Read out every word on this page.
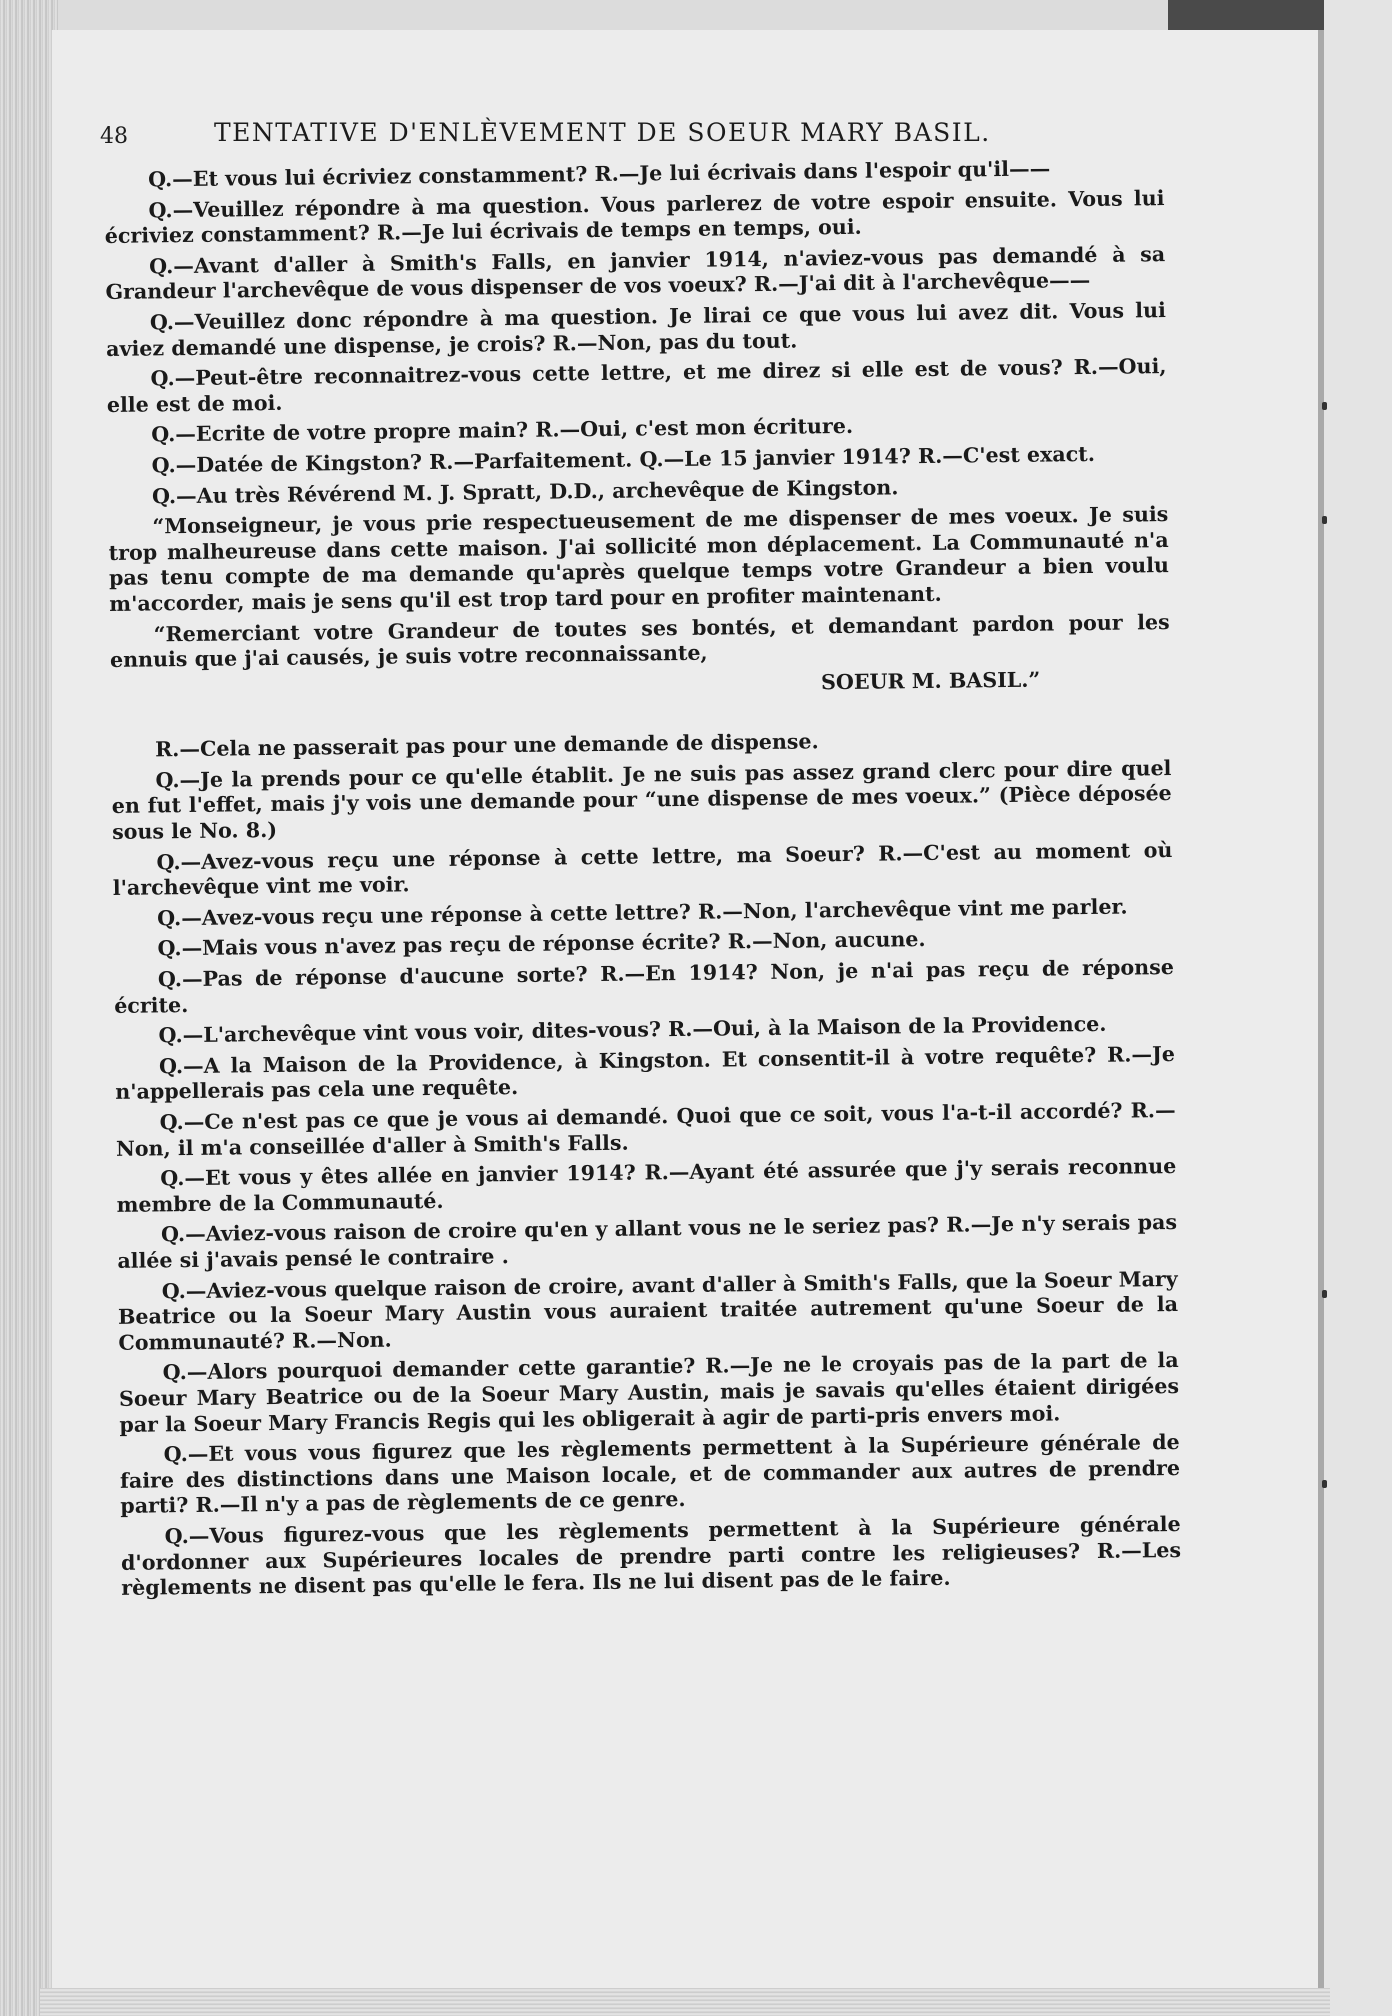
48	TENTATIVE D'ENLÈVEMENT DE SOEUR MARY BASIL.

Q.—Et vous lui écriviez constamment? R.—Je lui écrivais dans l'espoir qu'il——

Q.—Veuillez répondre à ma question. Vous parlerez de votre espoir ensuite. Vous lui écriviez constamment? R.—Je lui écrivais de temps en temps, oui.

Q.—Avant d'aller à Smith's Falls, en janvier 1914, n'aviez-vous pas demandé à sa Grandeur l'archevêque de vous dispenser de vos voeux? R.—J'ai dit à l'archevêque——

Q.—Veuillez donc répondre à ma question. Je lirai ce que vous lui avez dit. Vous lui aviez demandé une dispense, je crois? R.—Non, pas du tout.

Q.—Peut-être reconnaitrez-vous cette lettre, et me direz si elle est de vous? R.—Oui, elle est de moi.

Q.—Ecrite de votre propre main? R.—Oui, c'est mon écriture.

Q.—Datée de Kingston? R.—Parfaitement. Q.—Le 15 janvier 1914? R.—C'est exact.

Q.—Au très Révérend M. J. Spratt, D.D., archevêque de Kingston.

“Monseigneur, je vous prie respectueusement de me dispenser de mes voeux. Je suis trop malheureuse dans cette maison. J'ai sollicité mon déplacement. La Communauté n'a pas tenu compte de ma demande qu'après quelque temps votre Grandeur a bien voulu m'accorder, mais je sens qu'il est trop tard pour en profiter maintenant.

“Remerciant votre Grandeur de toutes ses bontés, et demandant pardon pour les ennuis que j'ai causés, je suis votre reconnaissante,

SOEUR M. BASIL.”

R.—Cela ne passerait pas pour une demande de dispense.

Q.—Je la prends pour ce qu'elle établit. Je ne suis pas assez grand clerc pour dire quel en fut l'effet, mais j'y vois une demande pour “une dispense de mes voeux.” (Pièce déposée sous le No. 8.)

Q.—Avez-vous reçu une réponse à cette lettre, ma Soeur? R.—C'est au moment où l'archevêque vint me voir.

Q.—Avez-vous reçu une réponse à cette lettre? R.—Non, l'archevêque vint me parler.

Q.—Mais vous n'avez pas reçu de réponse écrite? R.—Non, aucune.

Q.—Pas de réponse d'aucune sorte? R.—En 1914? Non, je n'ai pas reçu de réponse écrite.

Q.—L'archevêque vint vous voir, dites-vous? R.—Oui, à la Maison de la Providence.

Q.—A la Maison de la Providence, à Kingston. Et consentit-il à votre requête? R.—Je n'appellerais pas cela une requête.

Q.—Ce n'est pas ce que je vous ai demandé. Quoi que ce soit, vous l'a-t-il accordé? R.—Non, il m'a conseillée d'aller à Smith's Falls.

Q.—Et vous y êtes allée en janvier 1914? R.—Ayant été assurée que j'y serais reconnue membre de la Communauté.

Q.—Aviez-vous raison de croire qu'en y allant vous ne le seriez pas? R.—Je n'y serais pas allée si j'avais pensé le contraire .

Q.—Aviez-vous quelque raison de croire, avant d'aller à Smith's Falls, que la Soeur Mary Beatrice ou la Soeur Mary Austin vous auraient traitée autrement qu'une Soeur de la Communauté? R.—Non.

Q.—Alors pourquoi demander cette garantie? R.—Je ne le croyais pas de la part de la Soeur Mary Beatrice ou de la Soeur Mary Austin, mais je savais qu'elles étaient dirigées par la Soeur Mary Francis Regis qui les obligerait à agir de parti-pris envers moi.

Q.—Et vous vous figurez que les règlements permettent à la Supérieure générale de faire des distinctions dans une Maison locale, et de commander aux autres de prendre parti? R.—Il n'y a pas de règlements de ce genre.

Q.—Vous figurez-vous que les règlements permettent à la Supérieure générale d'ordonner aux Supérieures locales de prendre parti contre les religieuses? R.—Les règlements ne disent pas qu'elle le fera. Ils ne lui disent pas de le faire.
